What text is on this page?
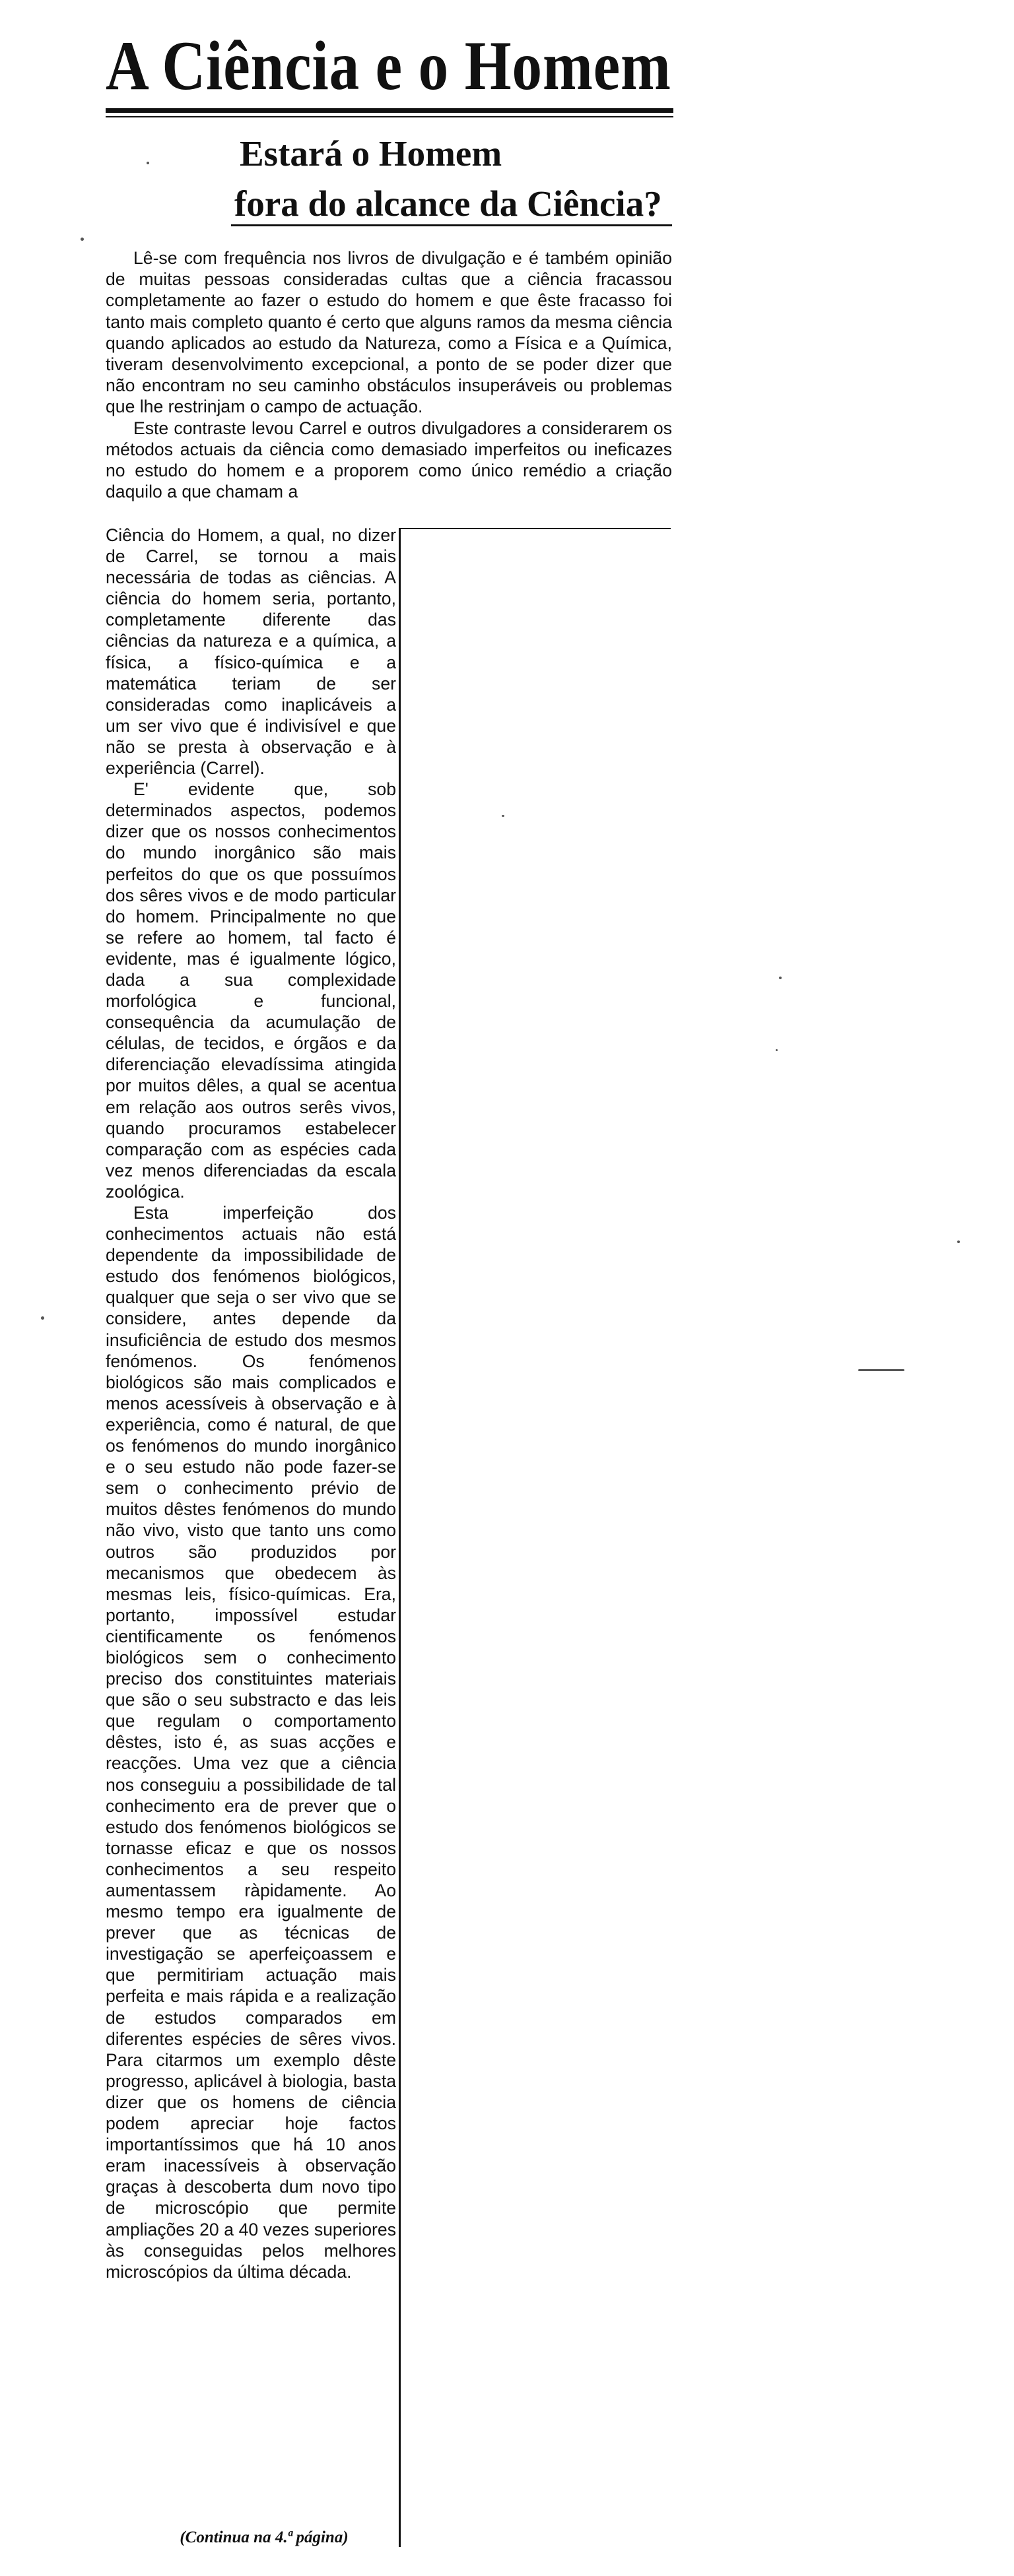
A Ciência e o Homem
Estará o Homem
fora do alcance da Ciência?

Lê-se com frequência nos livros de divulgação e é também opinião de muitas pessoas consideradas cultas que a ciência fracassou completamente ao fazer o estudo do homem e que êste fracasso foi tanto mais completo quanto é certo que alguns ramos da mesma ciência quando aplicados ao estudo da Natureza, como a Física e a Química, tiveram desenvolvimento excepcional, a ponto de se poder dizer que não encontram no seu caminho obstáculos insuperáveis ou problemas que lhe restrinjam o campo de actuação.

Este contraste levou Carrel e outros divulgadores a considerarem os métodos actuais da ciência como demasiado imperfeitos ou ineficazes no estudo do homem e a proporem como único remédio a criação daquilo a que chamam a

Ciência do Homem, a qual, no dizer de Carrel, se tornou a mais necessária de todas as ciências. A ciência do homem seria, portanto, completamente diferente das ciências da natureza e a química, a física, a físico-química e a matemática teriam de ser consideradas como inaplicáveis a um ser vivo que é indivisível e que não se presta à observação e à experiência (Carrel).

E' evidente que, sob determinados aspectos, podemos dizer que os nossos conhecimentos do mundo inorgânico são mais perfeitos do que os que possuímos dos sêres vivos e de modo particular do homem. Principalmente no que se refere ao homem, tal facto é evidente, mas é igualmente lógico, dada a sua complexidade morfológica e funcional, consequência da acumulação de células, de tecidos, e órgãos e da diferenciação elevadíssima atingida por muitos dêles, a qual se acentua em relação aos outros serês vivos, quando procuramos estabelecer comparação com as espécies cada vez menos diferenciadas da escala zoológica.

Esta imperfeição dos conhecimentos actuais não está dependente da impossibilidade de estudo dos fenómenos biológicos, qualquer que seja o ser vivo que se considere, antes depende da insuficiência de estudo dos mesmos fenómenos. Os fenómenos biológicos são mais complicados e menos acessíveis à observação e à experiência, como é natural, de que os fenómenos do mundo inorgânico e o seu estudo não pode fazer-se sem o conhecimento prévio de muitos dêstes fenómenos do mundo não vivo, visto que tanto uns como outros são produzidos por mecanismos que obedecem às mesmas leis, físico-químicas. Era, portanto, impossível estudar cientificamente os fenómenos biológicos sem o conhecimento preciso dos constituintes materiais que são o seu substracto e das leis que regulam o comportamento dêstes, isto é, as suas acções e reacções. Uma vez que a ciência nos conseguiu a possibilidade de tal conhecimento era de prever que o estudo dos fenómenos biológicos se tornasse eficaz e que os nossos conhecimentos a seu respeito aumentassem ràpidamente. Ao mesmo tempo era igualmente de prever que as técnicas de investigação se aperfeiçoassem e que permitiriam actuação mais perfeita e mais rápida e a realização de estudos comparados em diferentes espécies de sêres vivos. Para citarmos um exemplo dêste progresso, aplicável à biologia, basta dizer que os homens de ciência podem apreciar hoje factos importantíssimos que há 10 anos eram inacessíveis à observação graças à descoberta dum novo tipo de microscópio que permite ampliações 20 a 40 vezes superiores às conseguidas pelos melhores microscópios da última década.

(Continua na 4.ª página)
